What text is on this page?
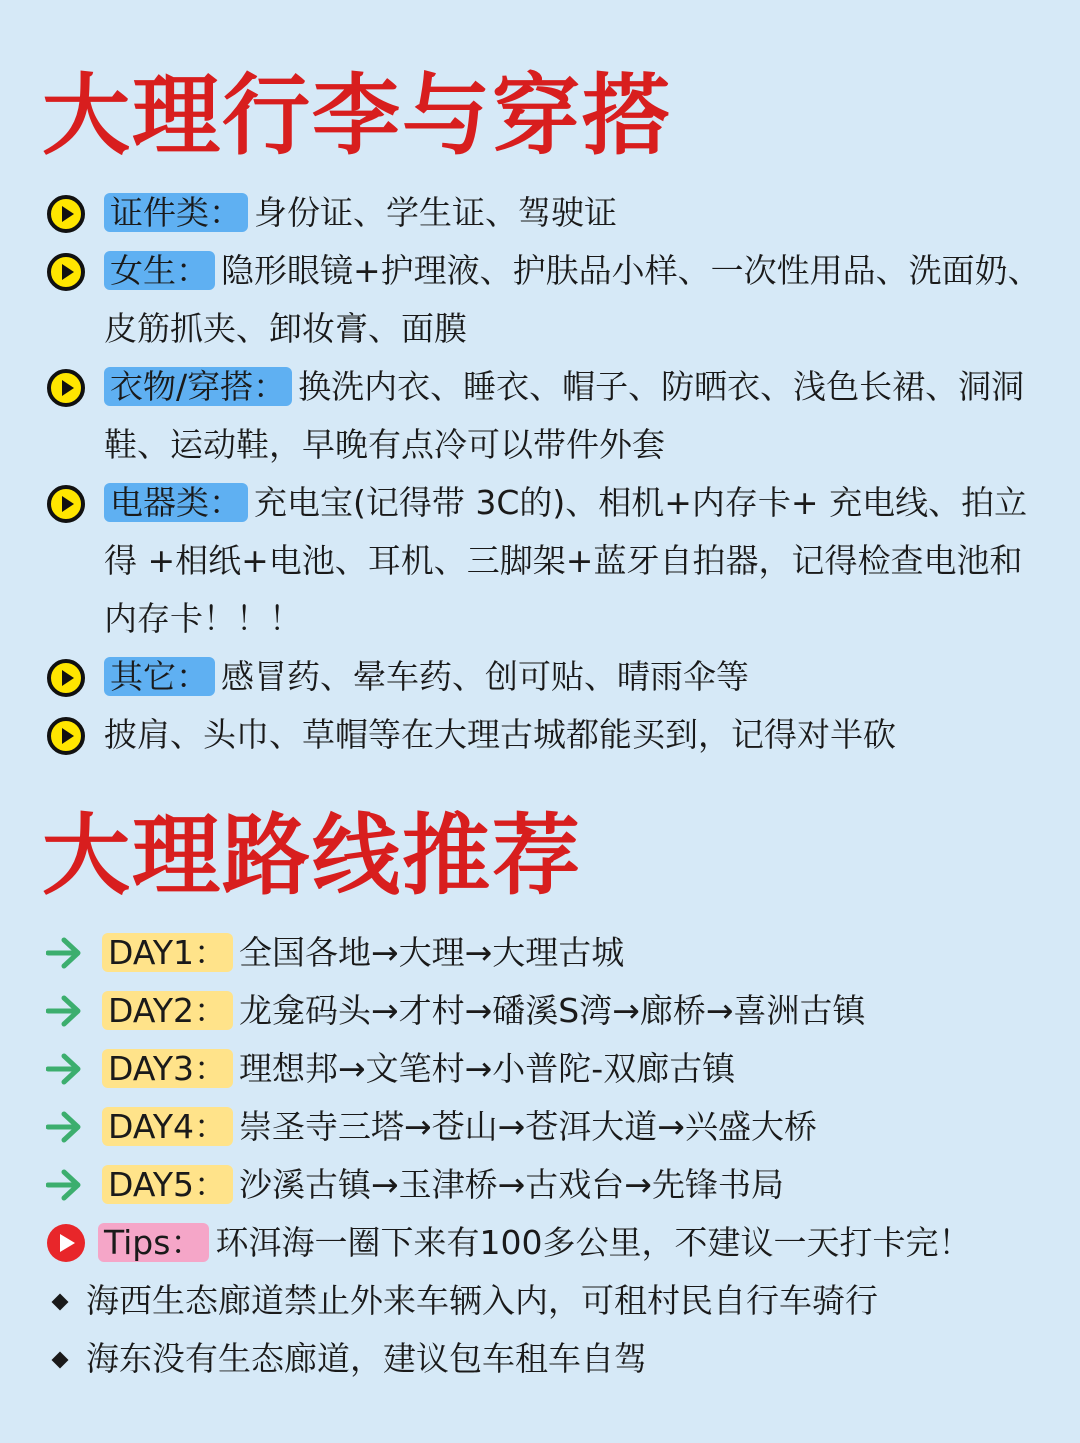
大理行李与穿搭
证件类： 身份证、学生证、驾驶证
女生： 隐形眼镜+护理液、护肤品小样、一次性用品、洗面奶、皮筋抓夹、卸妆膏、面膜
衣物/穿搭： 换洗内衣、睡衣、帽子、防晒衣、浅色长裙、洞洞鞋、运动鞋，早晚有点冷可以带件外套
电器类： 充电宝(记得带 3C的)、相机+内存卡+ 充电线、拍立得 +相纸+电池、耳机、三脚架+蓝牙自拍器，记得检查电池和内存卡！！！
其它： 感冒药、晕车药、创可贴、晴雨伞等
披肩、头巾、草帽等在大理古城都能买到，记得对半砍
大理路线推荐
DAY1： 全国各地→大理→大理古城
DAY2： 龙龛码头→才村→磻溪S湾→廊桥→喜洲古镇
DAY3： 理想邦→文笔村→小普陀-双廊古镇
DAY4： 崇圣寺三塔→苍山→苍洱大道→兴盛大桥
DAY5： 沙溪古镇→玉津桥→古戏台→先锋书局
Tips： 环洱海一圈下来有100多公里，不建议一天打卡完！
海西生态廊道禁止外来车辆入内，可租村民自行车骑行
海东没有生态廊道，建议包车租车自驾
